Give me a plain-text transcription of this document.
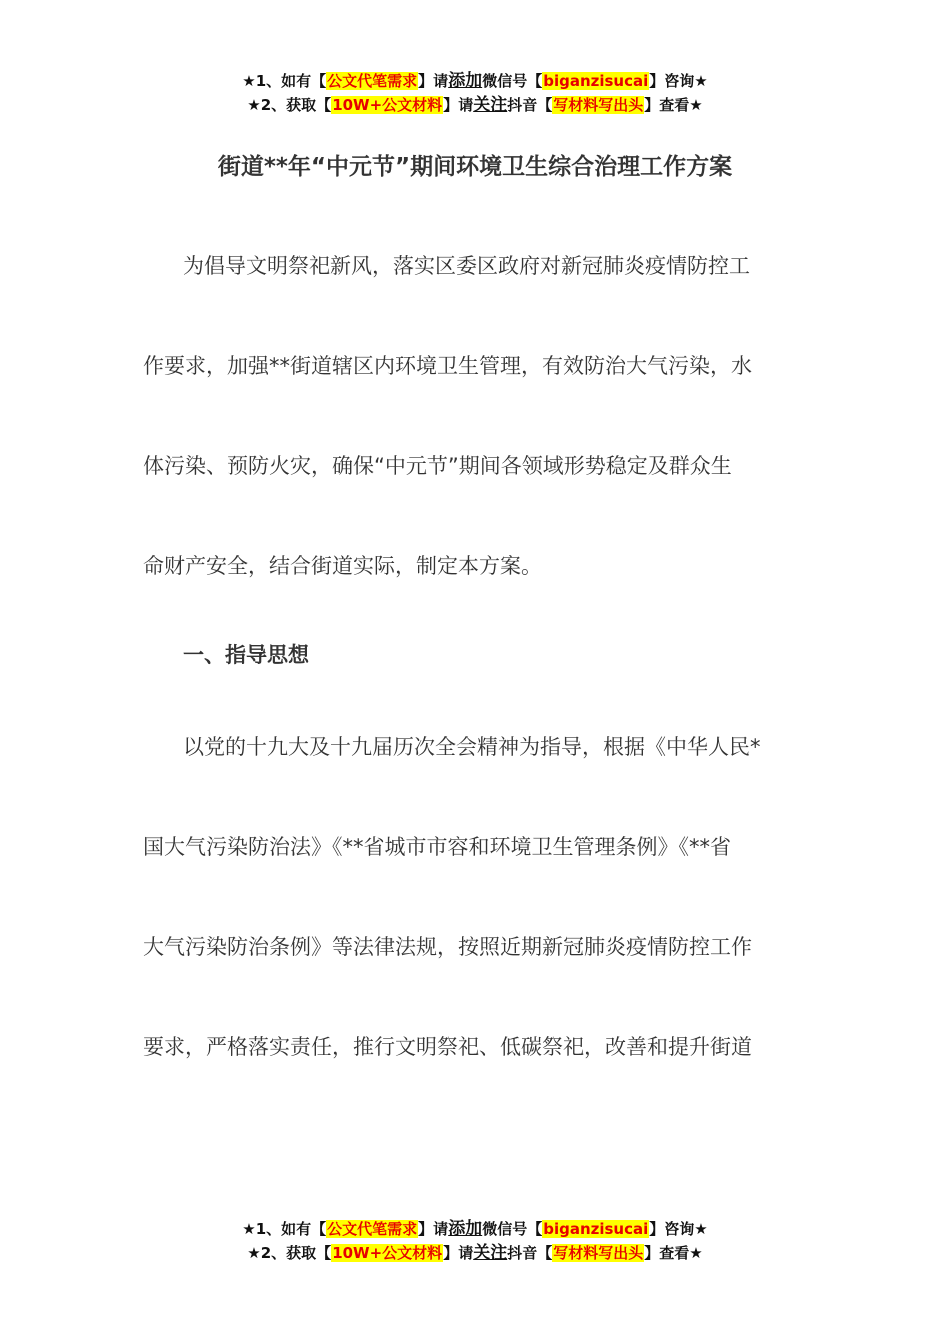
★1、如有【公文代笔需求】请添加微信号【biganzisucai】咨询★
★2、获取【10W+公文材料】请关注抖音【写材料写出头】查看★
街道**年“中元节”期间环境卫生综合治理工作方案
为倡导文明祭祀新风，落实区委区政府对新冠肺炎疫情防控工
作要求，加强**街道辖区内环境卫生管理，有效防治大气污染，水
体污染、预防火灾，确保“中元节”期间各领域形势稳定及群众生
命财产安全，结合街道实际，制定本方案。
一、指导思想
以党的十九大及十九届历次全会精神为指导，根据《中华人民*
国大气污染防治法》《**省城市市容和环境卫生管理条例》《**省
大气污染防治条例》等法律法规，按照近期新冠肺炎疫情防控工作
要求，严格落实责任，推行文明祭祀、低碳祭祀，改善和提升街道
★1、如有【公文代笔需求】请添加微信号【biganzisucai】咨询★
★2、获取【10W+公文材料】请关注抖音【写材料写出头】查看★
